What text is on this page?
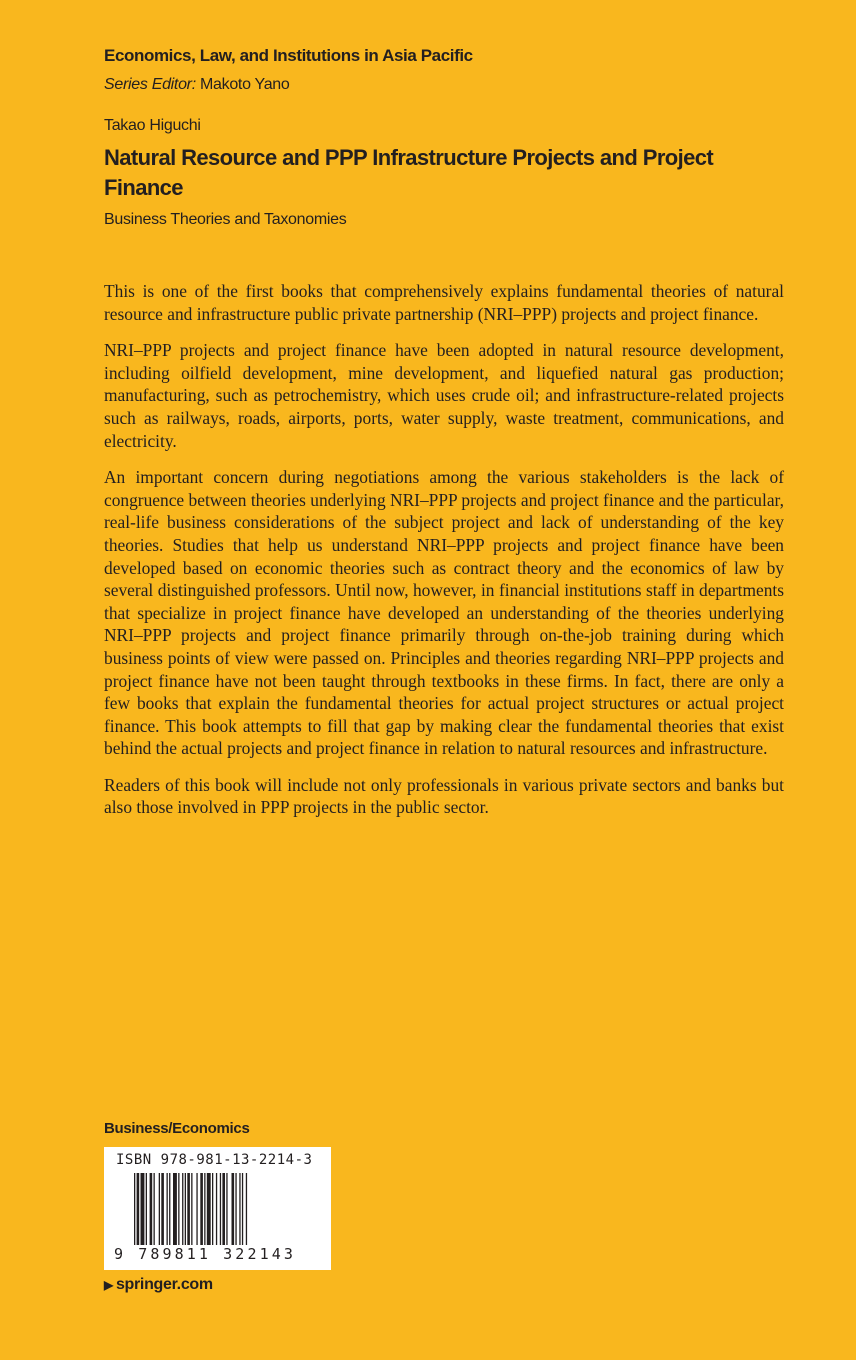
Economics, Law, and Institutions in Asia Pacific
Series Editor: Makoto Yano
Takao Higuchi
Natural Resource and PPP Infrastructure Projects and Project Finance
Business Theories and Taxonomies

This is one of the first books that comprehensively explains fundamental theories of natural resource and infrastructure public private partnership (NRI–PPP) projects and project finance.

NRI–PPP projects and project finance have been adopted in natural resource development, including oilfield development, mine development, and liquefied natural gas production; manufacturing, such as petrochemistry, which uses crude oil; and infrastructure-related projects such as railways, roads, airports, ports, water supply, waste treatment, communications, and electricity.

An important concern during negotiations among the various stakeholders is the lack of congruence between theories underlying NRI–PPP projects and project finance and the particular, real-life business considerations of the subject project and lack of understanding of the key theories. Studies that help us understand NRI–PPP projects and project finance have been developed based on economic theories such as contract theory and the economics of law by several distinguished professors. Until now, however, in financial institutions staff in departments that specialize in project finance have developed an understanding of the theories underlying NRI–PPP projects and project finance primarily through on-the-job training during which business points of view were passed on. Principles and theories regarding NRI–PPP projects and project finance have not been taught through textbooks in these firms. In fact, there are only a few books that explain the fundamental theories for actual project structures or actual project finance. This book attempts to fill that gap by making clear the fundamental theories that exist behind the actual projects and project finance in relation to natural resources and infrastructure.

Readers of this book will include not only professionals in various private sectors and banks but also those involved in PPP projects in the public sector.

Business/Economics
ISBN 978-981-13-2214-3
9 789811 322143
▶ springer.com
